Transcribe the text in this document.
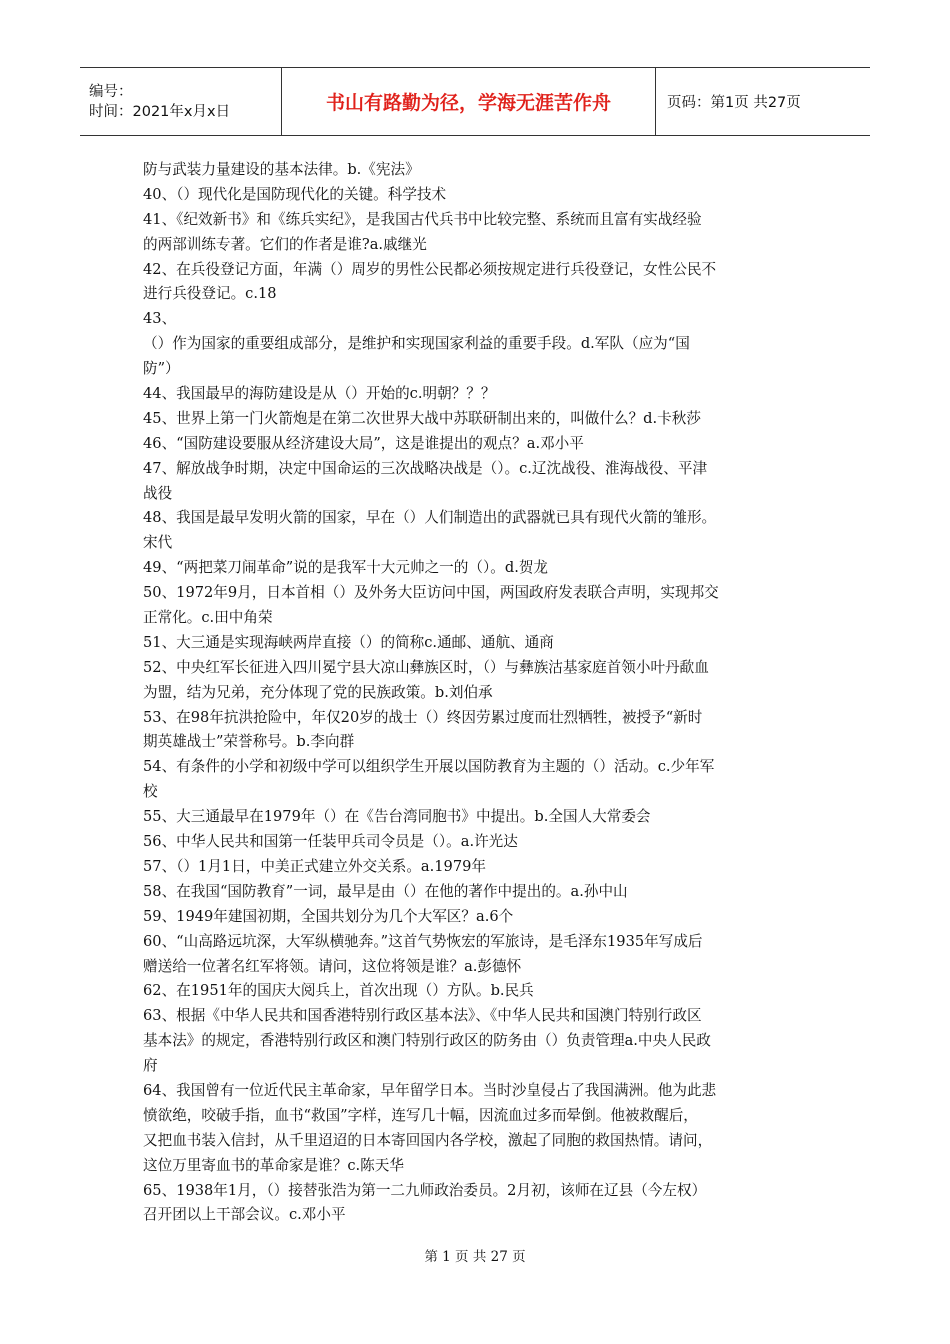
编号：
时间：2021年x月x日	书山有路勤为径，学海无涯苦作舟	页码：第1页 共27页
防与武装力量建设的基本法律。b.《宪法》
40、（）现代化是国防现代化的关键。科学技术
41、《纪效新书》和《练兵实纪》，是我国古代兵书中比较完整、系统而且富有实战经验
的两部训练专著。它们的作者是谁?a.戚继光
42、在兵役登记方面，年满（）周岁的男性公民都必须按规定进行兵役登记，女性公民不
进行兵役登记。c.18
43、
（）作为国家的重要组成部分，是维护和实现国家利益的重要手段。d.军队（应为“国
防”）
44、我国最早的海防建设是从（）开始的c.明朝？？？
45、世界上第一门火箭炮是在第二次世界大战中苏联研制出来的，叫做什么？d.卡秋莎
46、“国防建设要服从经济建设大局”，这是谁提出的观点？a.邓小平
47、解放战争时期，决定中国命运的三次战略决战是（）。c.辽沈战役、淮海战役、平津
战役
48、我国是最早发明火箭的国家，早在（）人们制造出的武器就已具有现代火箭的雏形。
宋代
49、“两把菜刀闹革命”说的是我军十大元帅之一的（）。d.贺龙
50、1972年9月，日本首相（）及外务大臣访问中国，两国政府发表联合声明，实现邦交
正常化。c.田中角荣
51、大三通是实现海峡两岸直接（）的简称c.通邮、通航、通商
52、中央红军长征进入四川冕宁县大凉山彝族区时，（）与彝族沽基家庭首领小叶丹歃血
为盟，结为兄弟，充分体现了党的民族政策。b.刘伯承
53、在98年抗洪抢险中，年仅20岁的战士（）终因劳累过度而壮烈牺牲，被授予“新时
期英雄战士”荣誉称号。b.李向群
54、有条件的小学和初级中学可以组织学生开展以国防教育为主题的（）活动。c.少年军
校
55、大三通最早在1979年（）在《告台湾同胞书》中提出。b.全国人大常委会
56、中华人民共和国第一任装甲兵司令员是（）。a.许光达
57、（）1月1日，中美正式建立外交关系。a.1979年
58、在我国“国防教育”一词，最早是由（）在他的著作中提出的。a.孙中山
59、1949年建国初期，全国共划分为几个大军区？a.6个
60、“山高路远坑深，大军纵横驰奔。”这首气势恢宏的军旅诗，是毛泽东1935年写成后
赠送给一位著名红军将领。请问，这位将领是谁？a.彭德怀
62、在1951年的国庆大阅兵上，首次出现（）方队。b.民兵
63、根据《中华人民共和国香港特别行政区基本法》、《中华人民共和国澳门特别行政区
基本法》的规定，香港特别行政区和澳门特别行政区的防务由（）负责管理a.中央人民政
府
64、我国曾有一位近代民主革命家，早年留学日本。当时沙皇侵占了我国满洲。他为此悲
愤欲绝，咬破手指，血书“救国”字样，连写几十幅，因流血过多而晕倒。他被救醒后，
又把血书装入信封，从千里迢迢的日本寄回国内各学校，激起了同胞的救国热情。请问，
这位万里寄血书的革命家是谁？c.陈天华
65、1938年1月，（）接替张浩为第一二九师政治委员。2月初，该师在辽县（今左权）
召开团以上干部会议。c.邓小平
第 1 页 共 27 页
